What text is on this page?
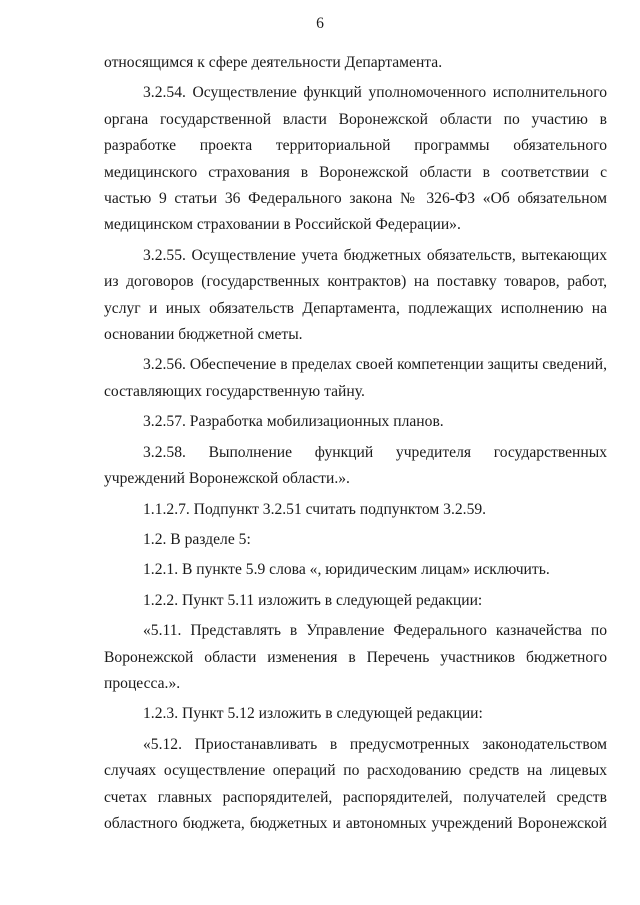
6

относящимся к сфере деятельности Департамента.

3.2.54. Осуществление функций уполномоченного исполнительного органа государственной власти Воронежской области по участию в разработке проекта территориальной программы обязательного медицинского страхования в Воронежской области в соответствии с частью 9 статьи 36 Федерального закона № 326-ФЗ «Об обязательном медицинском страховании в Российской Федерации».

3.2.55. Осуществление учета бюджетных обязательств, вытекающих из договоров (государственных контрактов) на поставку товаров, работ, услуг и иных обязательств Департамента, подлежащих исполнению на основании бюджетной сметы.

3.2.56. Обеспечение в пределах своей компетенции защиты сведений, составляющих государственную тайну.

3.2.57. Разработка мобилизационных планов.

3.2.58. Выполнение функций учредителя государственных учреждений Воронежской области.».

1.1.2.7. Подпункт 3.2.51 считать подпунктом 3.2.59.

1.2. В разделе 5:

1.2.1. В пункте 5.9 слова «, юридическим лицам» исключить.

1.2.2. Пункт 5.11 изложить в следующей редакции:

«5.11. Представлять в Управление Федерального казначейства по Воронежской области изменения в Перечень участников бюджетного процесса.».

1.2.3. Пункт 5.12 изложить в следующей редакции:

«5.12. Приостанавливать в предусмотренных законодательством случаях осуществление операций по расходованию средств на лицевых счетах главных распорядителей, распорядителей, получателей средств областного бюджета, бюджетных и автономных учреждений Воронежской
